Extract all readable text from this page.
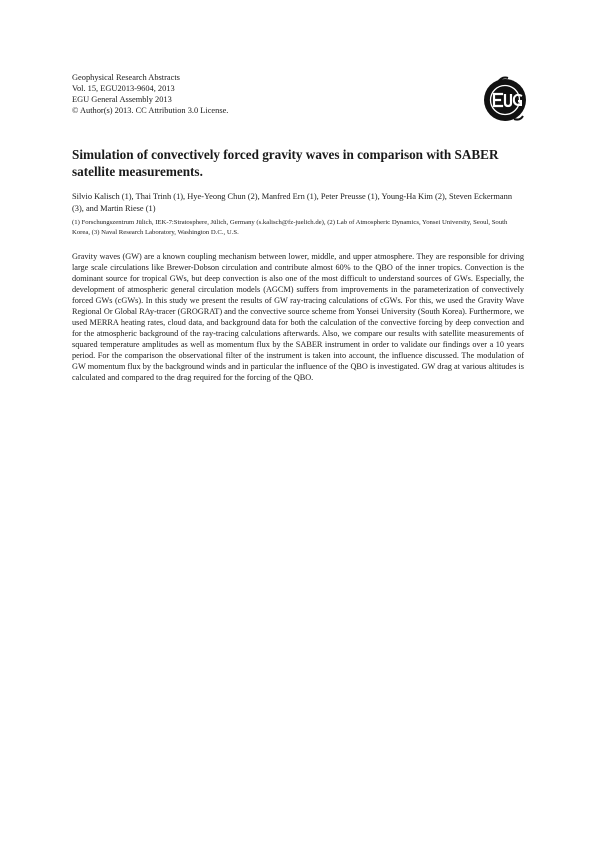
Geophysical Research Abstracts
Vol. 15, EGU2013-9604, 2013
EGU General Assembly 2013
© Author(s) 2013. CC Attribution 3.0 License.
Simulation of convectively forced gravity waves in comparison with SABER satellite measurements.
Silvio Kalisch (1), Thai Trinh (1), Hye-Yeong Chun (2), Manfred Ern (1), Peter Preusse (1), Young-Ha Kim (2), Steven Eckermann (3), and Martin Riese (1)
(1) Forschungszentrum Jülich, IEK-7:Stratosphere, Jülich, Germany (s.kalisch@fz-juelich.de), (2) Lab of Atmospheric Dynamics, Yonsei University, Seoul, South Korea, (3) Naval Research Laboratory, Washington D.C., U.S.
Gravity waves (GW) are a known coupling mechanism between lower, middle, and upper atmosphere. They are responsible for driving large scale circulations like Brewer-Dobson circulation and contribute almost 60% to the QBO of the inner tropics. Convection is the dominant source for tropical GWs, but deep convection is also one of the most difficult to understand sources of GWs. Especially, the development of atmospheric general circulation models (AGCM) suffers from improvements in the parameterization of convectively forced GWs (cGWs). In this study we present the results of GW ray-tracing calculations of cGWs. For this, we used the Gravity Wave Regional Or Global RAy-tracer (GROGRAT) and the convective source scheme from Yonsei University (South Korea). Furthermore, we used MERRA heating rates, cloud data, and background data for both the calculation of the convective forcing by deep convection and for the atmospheric background of the ray-tracing calculations afterwards. Also, we compare our results with satellite measurements of squared temperature amplitudes as well as momentum flux by the SABER instrument in order to validate our findings over a 10 years period. For the comparison the observational filter of the instrument is taken into account, the influence discussed. The modulation of GW momentum flux by the background winds and in particular the influence of the QBO is investigated. GW drag at various altitudes is calculated and compared to the drag required for the forcing of the QBO.
